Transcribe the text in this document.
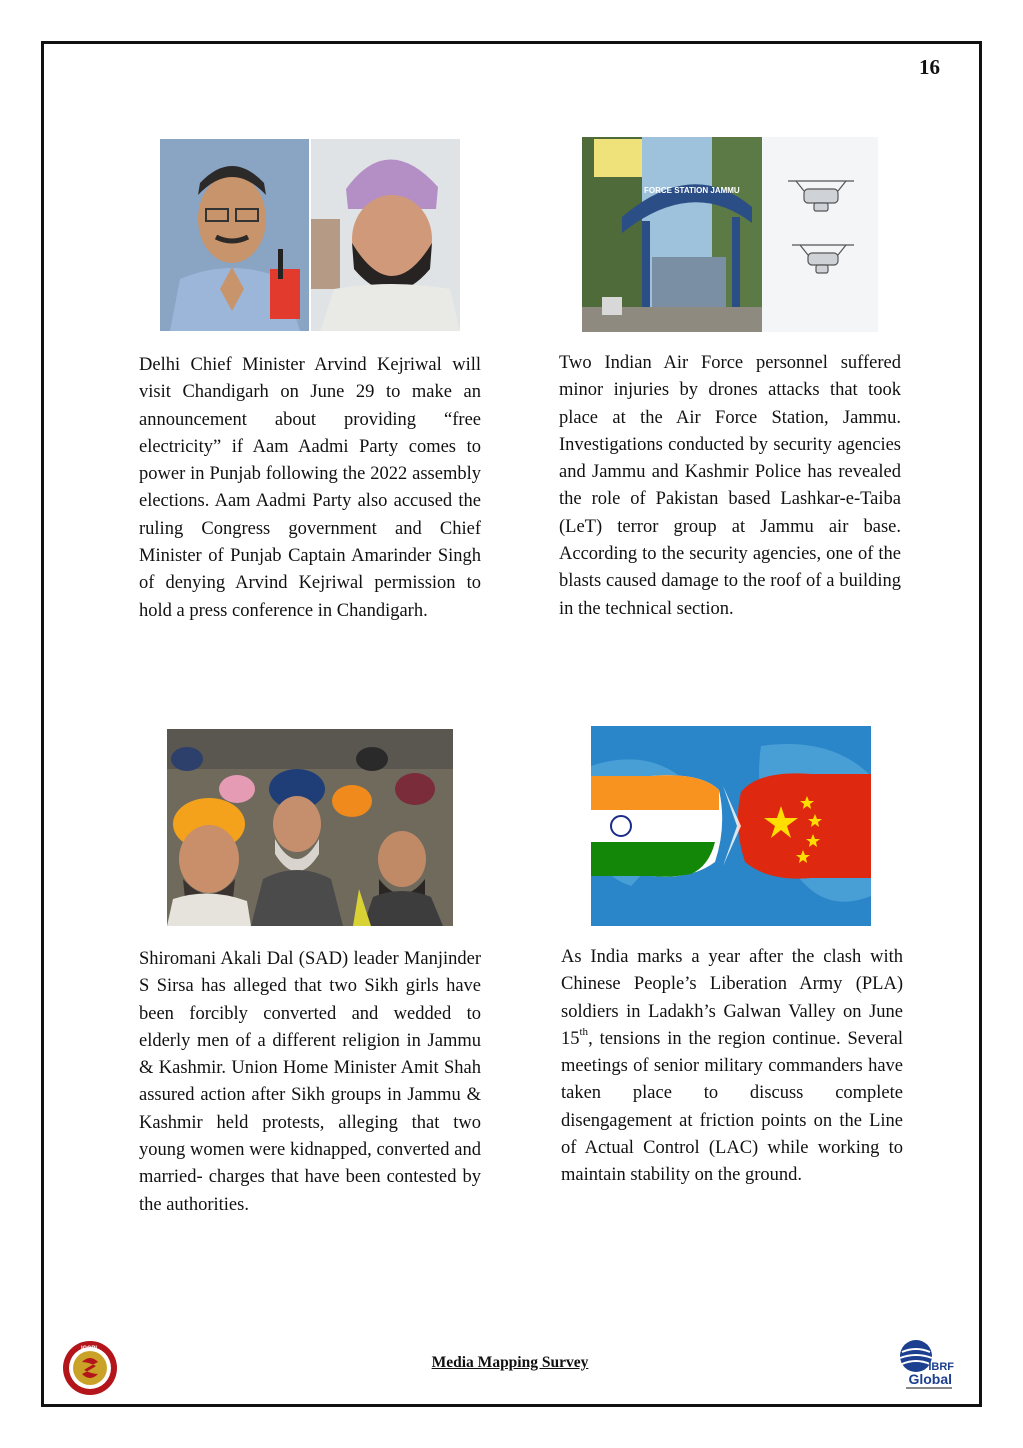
16
FORCE STATION JAMMU
Delhi Chief Minister Arvind Kejriwal will visit Chandigarh on June 29 to make an announcement about providing “free electricity” if Aam Aadmi Party comes to power in Punjab following the 2022 assembly elections. Aam Aadmi Party also accused the ruling Congress government and Chief Minister of Punjab Captain Amarinder Singh of denying Arvind Kejriwal permission to hold a press conference in Chandigarh.
Two Indian Air Force personnel suffered minor injuries by drones attacks that took place at the Air Force Station, Jammu. Investigations conducted by security agencies and Jammu and Kashmir Police has revealed the role of Pakistan based Lashkar-e-Taiba (LeT) terror group at Jammu air base. According to the security agencies, one of the blasts caused damage to the roof of a building in the technical section.
Shiromani Akali Dal (SAD) leader Manjinder S Sirsa has alleged that two Sikh girls have been forcibly converted and wedded to elderly men of a different religion in Jammu & Kashmir. Union Home Minister Amit Shah assured action after Sikh groups in Jammu & Kashmir held protests, alleging that two young women were kidnapped, converted and married- charges that have been contested by the authorities.
As India marks a year after the clash with Chinese People’s Liberation Army (PLA) soldiers in Ladakh’s Galwan Valley on June 15th, tensions in the region continue. Several meetings of senior military commanders have taken place to discuss complete disengagement at friction points on the Line of Actual Control (LAC) while working to maintain stability on the ground.
ICCPL
Media Mapping Survey	IBRF
Global
